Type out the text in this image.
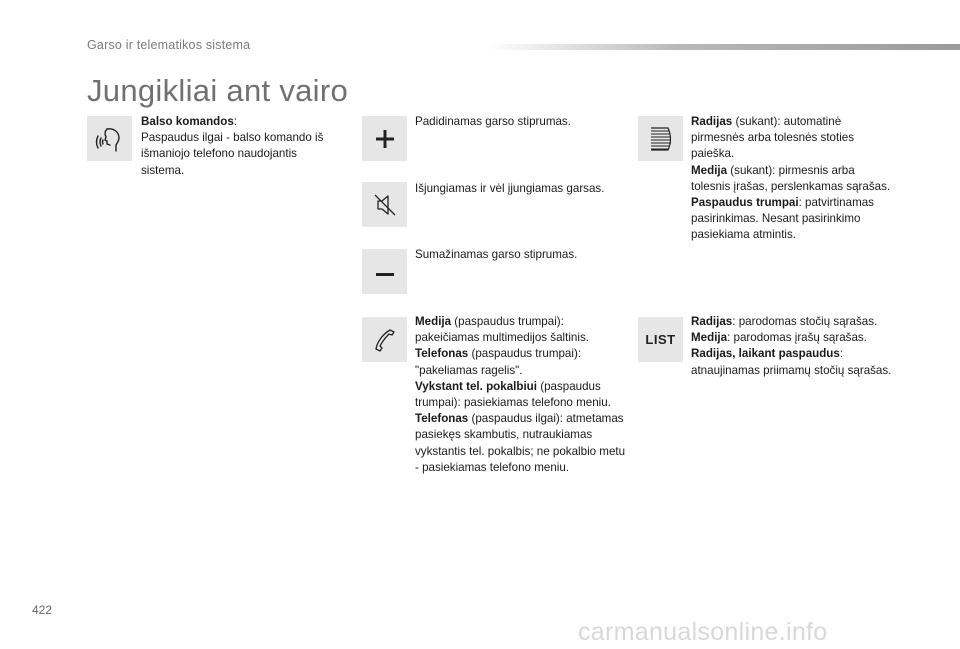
Garso ir telematikos sistema
Jungikliai ant vairo
Balso komandos:
Paspaudus ilgai - balso komando iš išmaniojo telefono naudojantis sistema.
Padidinamas garso stiprumas.
Išjungiamas ir vėl įjungiamas garsas.
Sumažinamas garso stiprumas.
Medija (paspaudus trumpai): pakeičiamas multimedijos šaltinis.
Telefonas (paspaudus trumpai): "pakeliamas ragelis".
Vykstant tel. pokalbiui (paspaudus trumpai): pasiekiamas telefono meniu.
Telefonas (paspaudus ilgai): atmetamas pasiekęs skambutis, nutraukiamas vykstantis tel. pokalbis; ne pokalbio metu - pasiekiamas telefono meniu.
Radijas (sukant): automatinė pirmesnės arba tolesnės stoties paieška.
Medija (sukant): pirmesnis arba tolesnis įrašas, perslenkamas sąrašas.
Paspaudus trumpai: patvirtinamas pasirinkimas. Nesant pasirinkimo pasiekiama atmintis.
LIST
Radijas: parodomas stočių sąrašas.
Medija: parodomas įrašų sąrašas.
Radijas, laikant paspaudus: atnaujinamas priimamų stočių sąrašas.
422
carmanualsonline.info
